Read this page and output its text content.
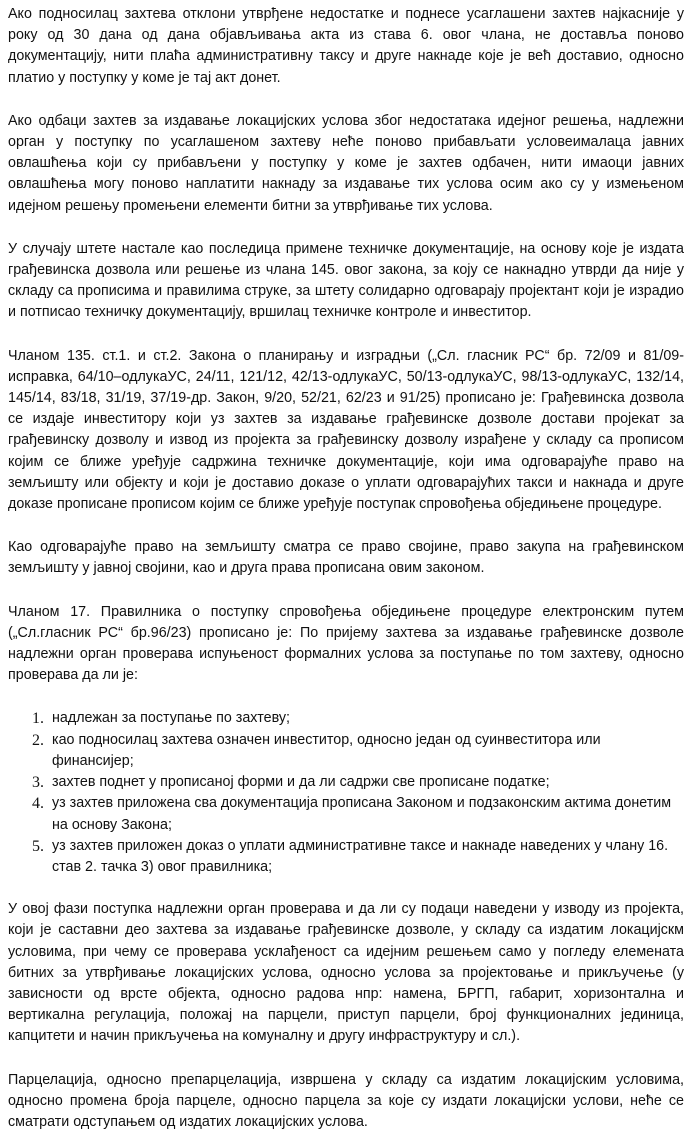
Ако подносилац захтева отклони утврђене недостатке и поднесе усаглашени захтев најкасније у року од 30 дана од дана објављивања акта из става 6. овог члана, не доставља поново документацију, нити плаћа административну таксу и друге накнаде које је већ доставио, односно платио у поступку у коме је тај акт донет.

Ако одбаци захтев за издавање локацијских услова због недостатака идејног решења, надлежни орган у поступку по усаглашеном захтеву неће поново прибављати условеималаца јавних овлашћења који су прибављени у поступку у коме је захтев одбачен, нити имаоци јавних овлашћења могу поново наплатити накнаду за издавање тих услова осим ако су у измењеном идејном решењу промењени елементи битни за утврђивање тих услова.

У случају штете настале као последица примене техничке документације, на основу које је издата грађевинска дозвола или решење из члана 145. овог закона, за коју се накнадно утврди да није у складу са прописима и правилима струке, за штету солидарно одговарају пројектант који је израдио и потписао техничку документацију, вршилац техничке контроле и инвеститор.

Чланом 135. ст.1. и ст.2. Закона о планирању и изградњи („Сл. гласник РС“ бр. 72/09 и 81/09-исправка, 64/10–одлукаУС, 24/11, 121/12, 42/13-одлукаУС, 50/13-одлукаУС, 98/13-одлукаУС, 132/14, 145/14, 83/18, 31/19, 37/19-др. Закон, 9/20, 52/21, 62/23 и 91/25) прописано је: Грађевинска дозвола се издаје инвеститору који уз захтев за издавање грађевинске дозволе достави пројекат за грађевинску дозволу и извод из пројекта за грађевинску дозволу израђене у складу са прописом којим се ближе уређује садржина техничке документације, који има одговарајуће право на земљишту или објекту и који је доставио доказе о уплати одговарајућих такси и накнада и друге доказе прописане прописом којим се ближе уређује поступак спровођења обједињене процедуре.

Као одговарајуће право на земљишту сматра се право својине, право закупа на грађевинском земљишту у јавној својини, као и друга права прописана овим законом.

Чланом 17. Правилника о поступку спровођења обједињене процедуре електронским путем („Сл.гласник РС“ бр.96/23) прописано је: По пријему захтева за издавање грађевинске дозволе надлежни орган проверава испуњеност формалних услова за поступање по том захтеву, односно проверава да ли је:

1. надлежан за поступање по захтеву;
2. као подносилац захтева означен инвеститор, односно један од суинвеститора или финансијер;
3. захтев поднет у прописаној форми и да ли садржи све прописане податке;
4. уз захтев приложена сва документација прописана Законом и подзаконским актима донетим на основу Закона;
5. уз захтев приложен доказ о уплати административне таксе и накнаде наведених у члану 16. став 2. тачка 3) овог правилника;

У овој фази поступка надлежни орган проверава и да ли су подаци наведени у изводу из пројекта, који је саставни део захтева за издавање грађевинске дозволе, у складу са издатим локацијскм условима, при чему се проверава усклађеност са идејним решењем само у погледу елемената битних за утврђивање локацијских услова, односно услова за пројектовање и прикључење (у зависности од врсте објекта, односно радова нпр: намена, БРГП, габарит, хоризонтална и вертикална регулација, положај на парцели, приступ парцели, број функционалних јединица, капцитети и начин прикључења на комуналну и другу инфраструктуру и сл.).

Парцелација, односно препарцелација, извршена у складу са издатим локацијским условима, односно промена броја парцеле, односно парцела за које су издати локацијски услови, неће се сматрати одступањем од издатих локацијских услова.
